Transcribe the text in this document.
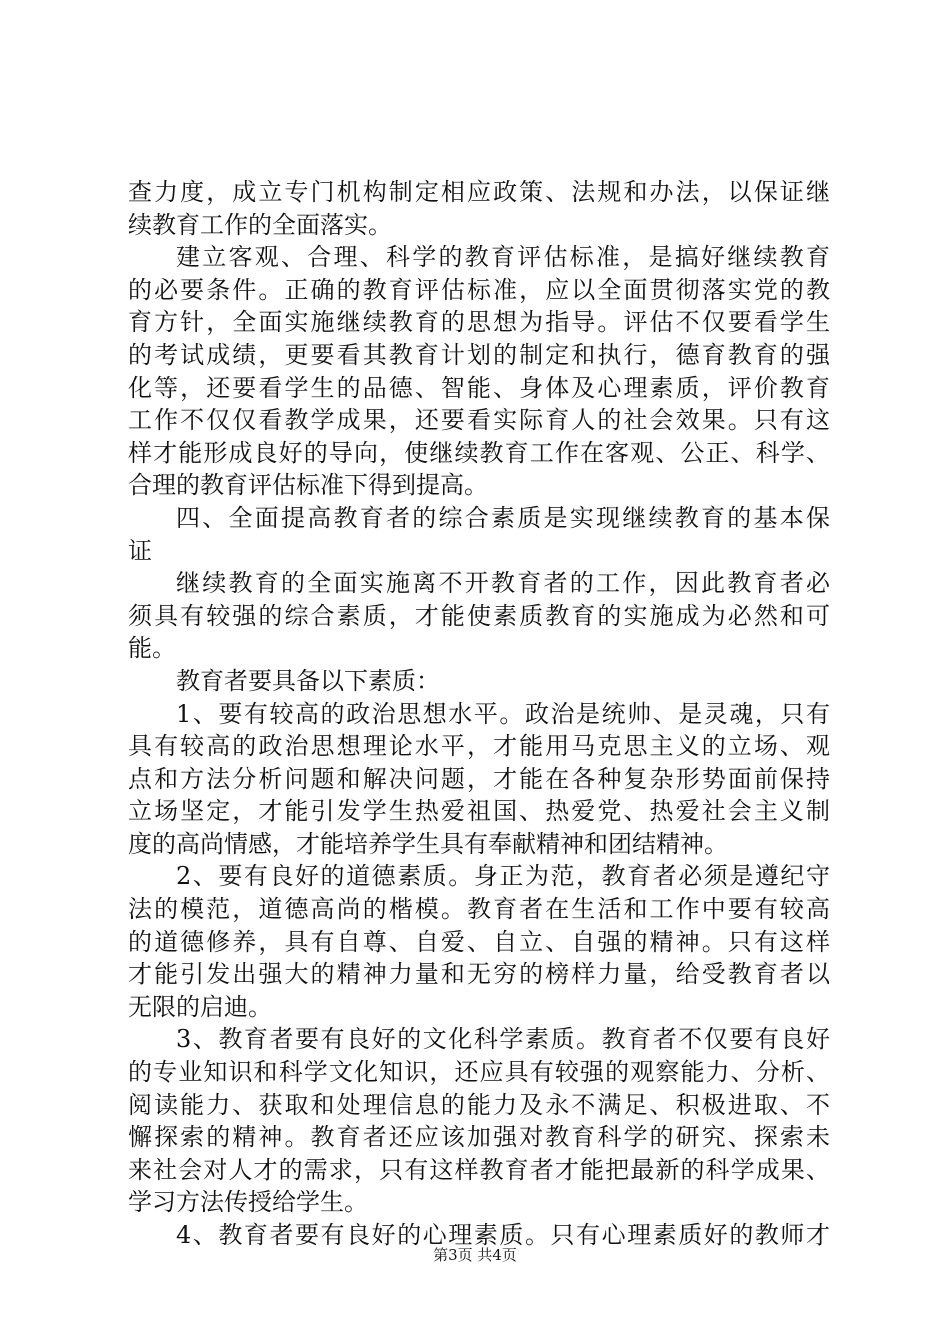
查力度，成立专门机构制定相应政策、法规和办法，以保证继
续教育工作的全面落实。
建立客观、合理、科学的教育评估标准，是搞好继续教育
的必要条件。正确的教育评估标准，应以全面贯彻落实党的教
育方针，全面实施继续教育的思想为指导。评估不仅要看学生
的考试成绩，更要看其教育计划的制定和执行，德育教育的强
化等，还要看学生的品德、智能、身体及心理素质，评价教育
工作不仅仅看教学成果，还要看实际育人的社会效果。只有这
样才能形成良好的导向，使继续教育工作在客观、公正、科学、
合理的教育评估标准下得到提高。
四、全面提高教育者的综合素质是实现继续教育的基本保
证
继续教育的全面实施离不开教育者的工作，因此教育者必
须具有较强的综合素质，才能使素质教育的实施成为必然和可
能。
教育者要具备以下素质：
1、要有较高的政治思想水平。政治是统帅、是灵魂，只有
具有较高的政治思想理论水平，才能用马克思主义的立场、观
点和方法分析问题和解决问题，才能在各种复杂形势面前保持
立场坚定，才能引发学生热爱祖国、热爱党、热爱社会主义制
度的高尚情感，才能培养学生具有奉献精神和团结精神。
2、要有良好的道德素质。身正为范，教育者必须是遵纪守
法的模范，道德高尚的楷模。教育者在生活和工作中要有较高
的道德修养，具有自尊、自爱、自立、自强的精神。只有这样
才能引发出强大的精神力量和无穷的榜样力量，给受教育者以
无限的启迪。
3、教育者要有良好的文化科学素质。教育者不仅要有良好
的专业知识和科学文化知识，还应具有较强的观察能力、分析、
阅读能力、获取和处理信息的能力及永不满足、积极进取、不
懈探索的精神。教育者还应该加强对教育科学的研究、探索未
来社会对人才的需求，只有这样教育者才能把最新的科学成果、
学习方法传授给学生。
4、教育者要有良好的心理素质。只有心理素质好的教师才
第3页 共4页
